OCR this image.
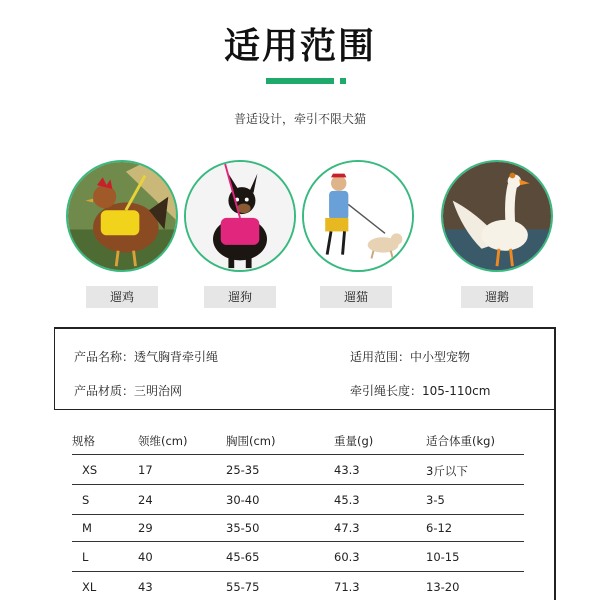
适用范围
普适设计，牵引不限犬猫
遛鸡	遛狗	遛猫	遛鹅
产品名称：透气胸背牵引绳	适用范围：中小型宠物
产品材质：三明治网	牵引绳长度：105-110cm
规格	领维(cm)	胸围(cm)	重量(g)	适合体重(kg)
XS	17	25-35	43.3	3斤以下
S	24	30-40	45.3	3-5
M	29	35-50	47.3	6-12
L	40	45-65	60.3	10-15
XL	43	55-75	71.3	13-20
